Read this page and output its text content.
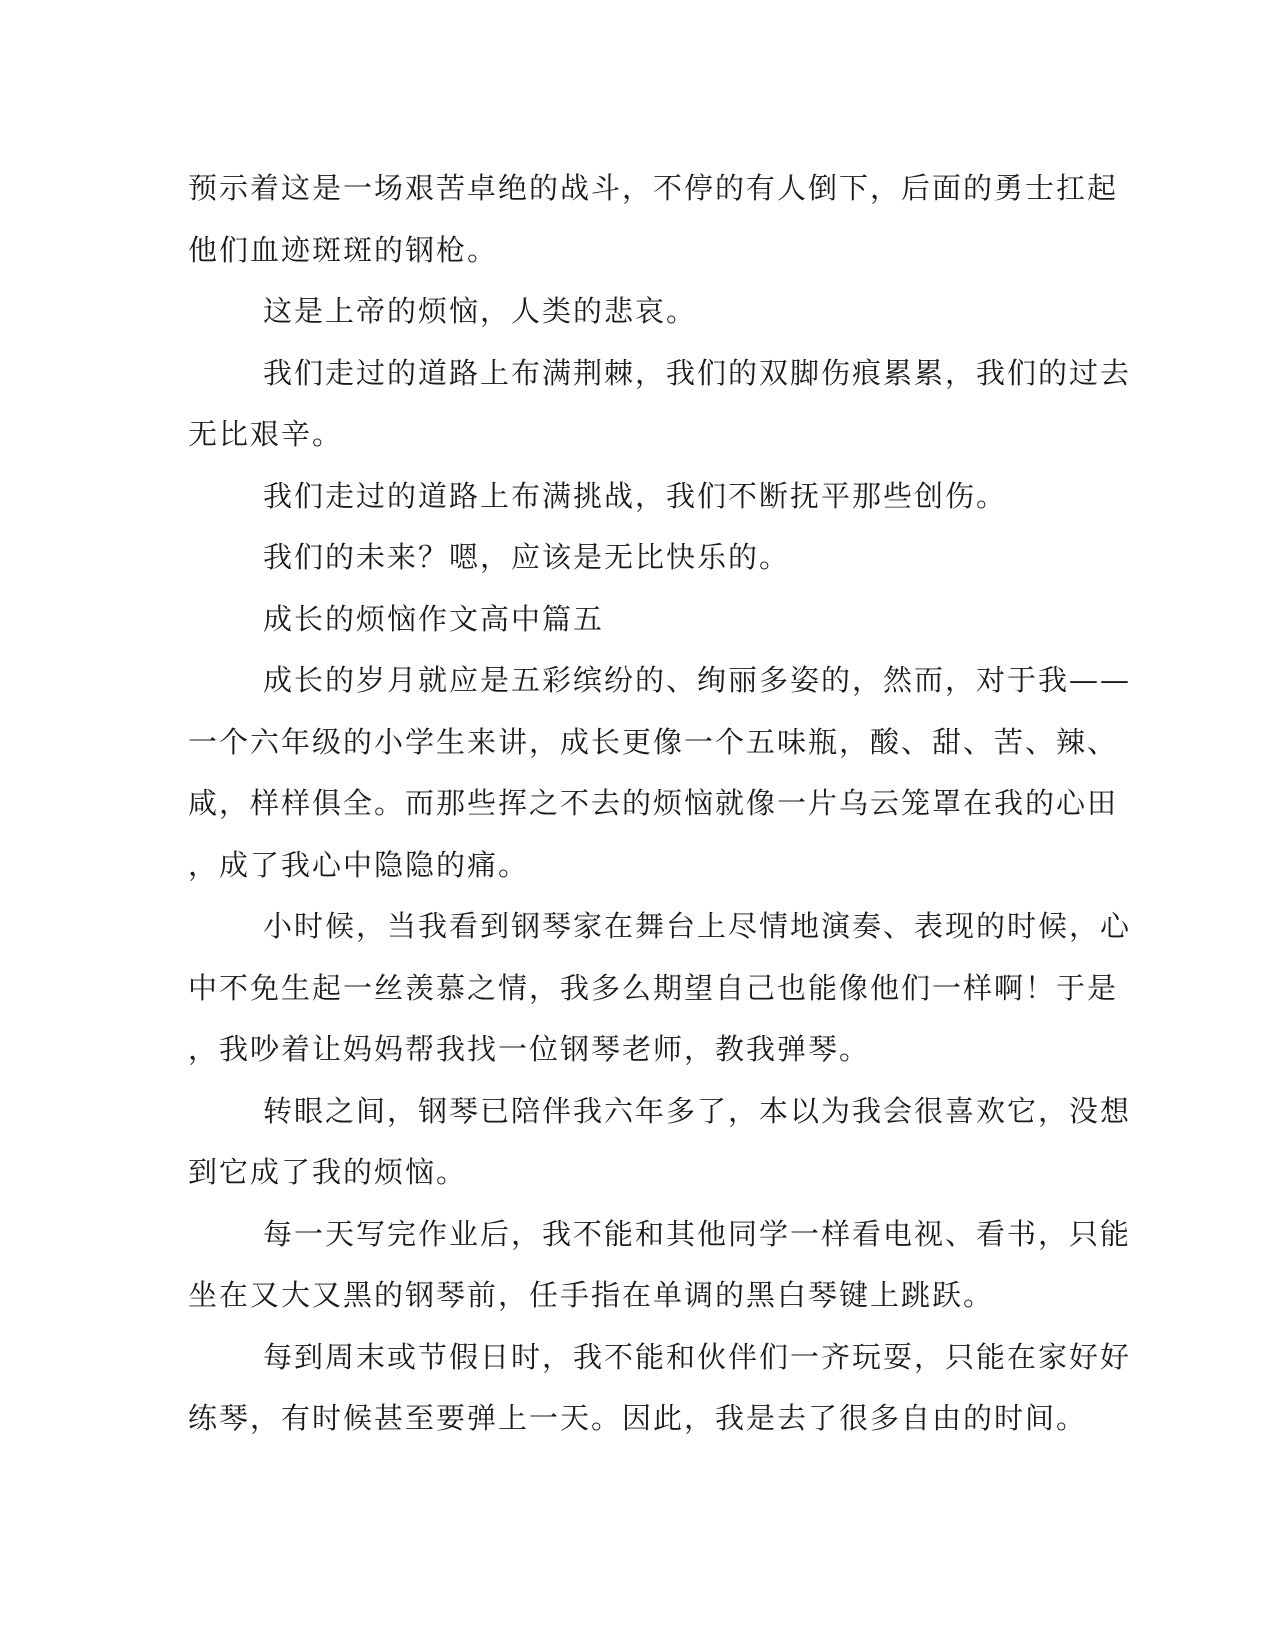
预示着这是一场艰苦卓绝的战斗，不停的有人倒下，后面的勇士扛起

他们血迹斑斑的钢枪。

这是上帝的烦恼，人类的悲哀。

我们走过的道路上布满荆棘，我们的双脚伤痕累累，我们的过去

无比艰辛。

我们走过的道路上布满挑战，我们不断抚平那些创伤。

我们的未来？嗯，应该是无比快乐的。

成长的烦恼作文高中篇五

成长的岁月就应是五彩缤纷的、绚丽多姿的，然而，对于我——

一个六年级的小学生来讲，成长更像一个五味瓶，酸、甜、苦、辣、

咸，样样俱全。而那些挥之不去的烦恼就像一片乌云笼罩在我的心田

，成了我心中隐隐的痛。

小时候，当我看到钢琴家在舞台上尽情地演奏、表现的时候，心

中不免生起一丝羡慕之情，我多么期望自己也能像他们一样啊！于是

，我吵着让妈妈帮我找一位钢琴老师，教我弹琴。

转眼之间，钢琴已陪伴我六年多了，本以为我会很喜欢它，没想

到它成了我的烦恼。

每一天写完作业后，我不能和其他同学一样看电视、看书，只能

坐在又大又黑的钢琴前，任手指在单调的黑白琴键上跳跃。

每到周末或节假日时，我不能和伙伴们一齐玩耍，只能在家好好

练琴，有时候甚至要弹上一天。因此，我是去了很多自由的时间。
